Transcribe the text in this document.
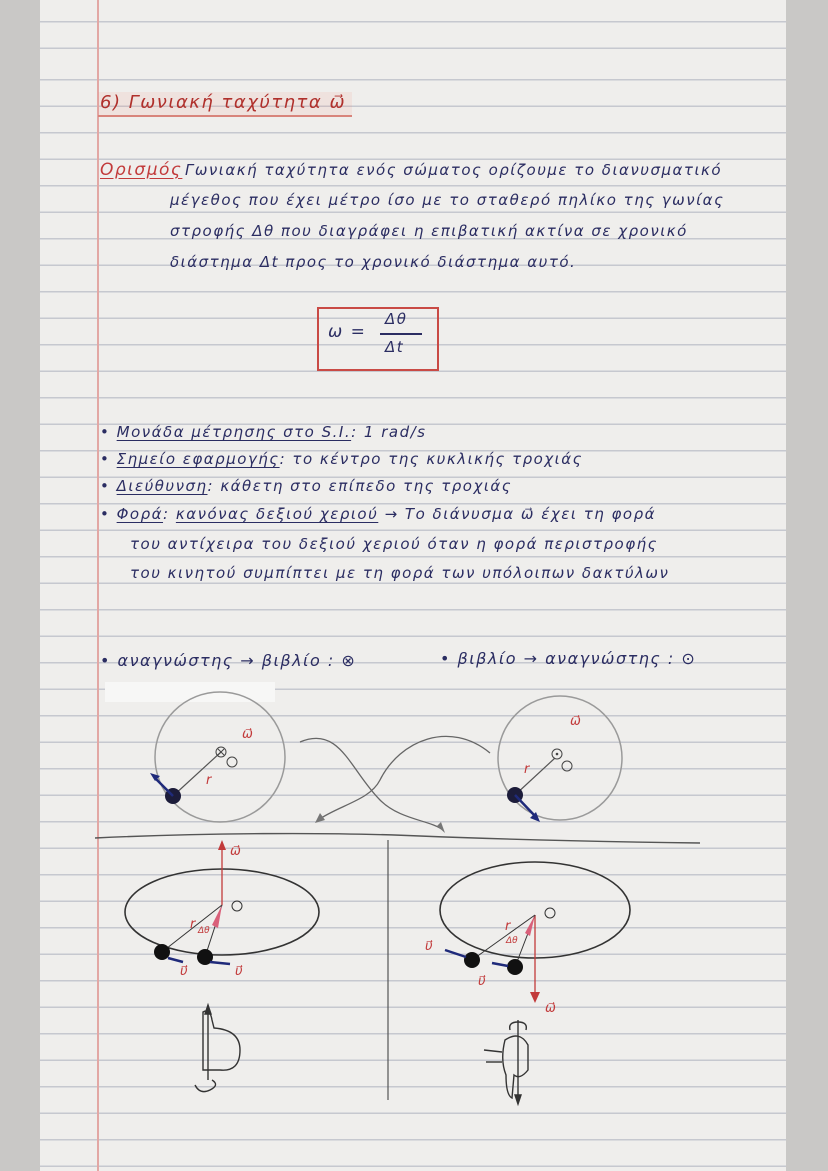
6) Γωνιακή ταχύτητα ω⃗
Ορισμός Γωνιακή ταχύτητα ενός σώματος ορίζουμε το διανυσματικό
μέγεθος που έχει μέτρο ίσο με το σταθερό πηλίκο της γωνίας
στροφής Δθ που διαγράφει η επιβατική ακτίνα σε χρονικό
διάστημα Δt προς το χρονικό διάστημα αυτό.
ω =
Δθ
Δt
• Μονάδα μέτρησης στο S.I.: 1 rad/s
• Σημείο εφαρμογής: το κέντρο της κυκλικής τροχιάς
• Διεύθυνση: κάθετη στο επίπεδο της τροχιάς
• Φορά: κανόνας δεξιού χεριού → Το διάνυσμα ω⃗ έχει τη φορά
του αντίχειρα του δεξιού χεριού όταν η φορά περιστροφής
του κινητού συμπίπτει με τη φορά των υπόλοιπων δακτύλων
• αναγνώστης → βιβλίο : ⊗	• βιβλίο → αναγνώστης : ⊙
ω⃗
ω⃗
ω⃗
ω⃗
r
r
r	r
Δθ
Δθ
υ⃗	υ⃗
υ⃗
υ⃗
